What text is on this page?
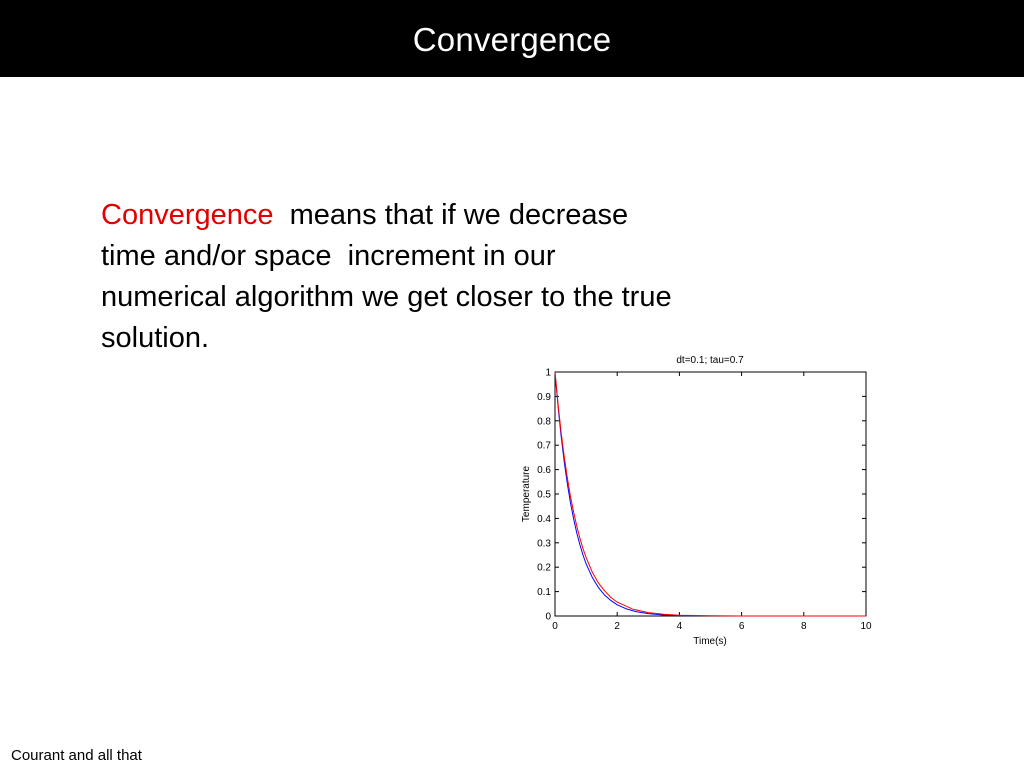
Convergence
Convergence  means that if we decrease
time and/or space  increment in our
numerical algorithm we get closer to the true
solution.
dt=0.1; tau=0.7
0	2	4	6	8	10
0
0.1
0.2
0.3
0.4
0.5
0.6
0.7
0.8
0.9
1
Time(s)
Temperature
Courant and all that
